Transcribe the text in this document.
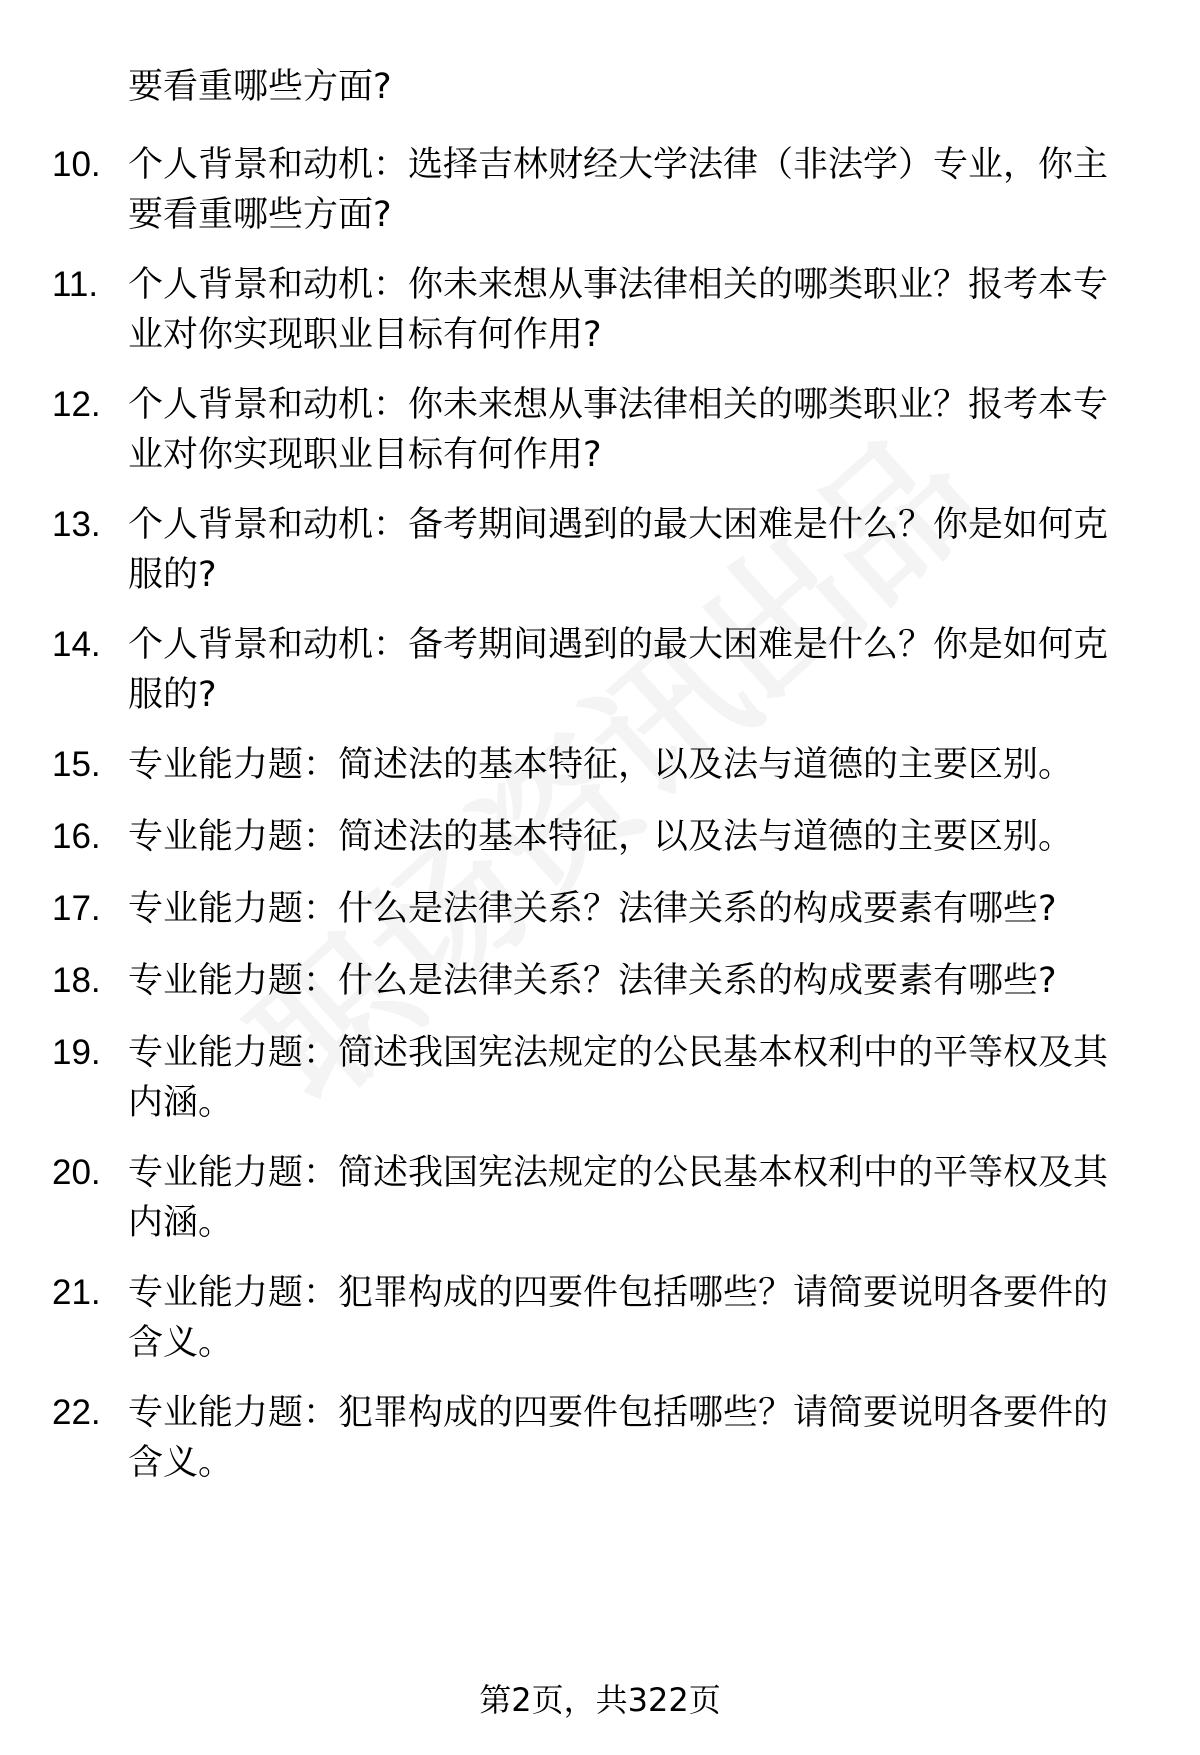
要看重哪些方面?
10. 个人背景和动机：选择吉林财经大学法律（非法学）专业，你主要看重哪些方面?
11. 个人背景和动机：你未来想从事法律相关的哪类职业？报考本专业对你实现职业目标有何作用?
12. 个人背景和动机：你未来想从事法律相关的哪类职业？报考本专业对你实现职业目标有何作用?
13. 个人背景和动机：备考期间遇到的最大困难是什么？你是如何克服的?
14. 个人背景和动机：备考期间遇到的最大困难是什么？你是如何克服的?
15. 专业能力题：简述法的基本特征，以及法与道德的主要区别。
16. 专业能力题：简述法的基本特征，以及法与道德的主要区别。
17. 专业能力题：什么是法律关系？法律关系的构成要素有哪些?
18. 专业能力题：什么是法律关系？法律关系的构成要素有哪些?
19. 专业能力题：简述我国宪法规定的公民基本权利中的平等权及其内涵。
20. 专业能力题：简述我国宪法规定的公民基本权利中的平等权及其内涵。
21. 专业能力题：犯罪构成的四要件包括哪些？请简要说明各要件的含义。
22. 专业能力题：犯罪构成的四要件包括哪些？请简要说明各要件的含义。
第2页，共322页
